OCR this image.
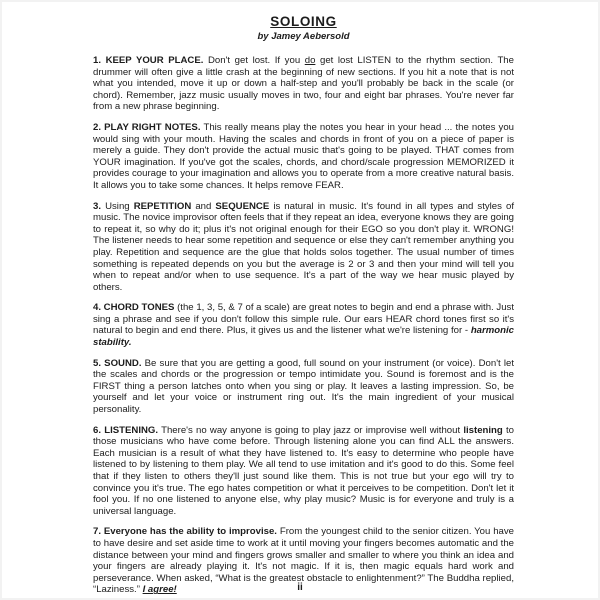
SOLOING
by Jamey Aebersold

1. KEEP YOUR PLACE. Don't get lost. If you do get lost LISTEN to the rhythm section. The drummer will often give a little crash at the beginning of new sections. If you hit a note that is not what you intended, move it up or down a half-step and you'll probably be back in the scale (or chord). Remember, jazz music usually moves in two, four and eight bar phrases. You're never far from a new phrase beginning.

2. PLAY RIGHT NOTES. This really means play the notes you hear in your head ... the notes you would sing with your mouth. Having the scales and chords in front of you on a piece of paper is merely a guide. They don't provide the actual music that's going to be played. THAT comes from YOUR imagination. If you've got the scales, chords, and chord/scale progression MEMORIZED it provides courage to your imagination and allows you to operate from a more creative natural basis. It allows you to take some chances. It helps remove FEAR.

3. Using REPETITION and SEQUENCE is natural in music. It's found in all types and styles of music. The novice improvisor often feels that if they repeat an idea, everyone knows they are going to repeat it, so why do it; plus it's not original enough for their EGO so you don't play it. WRONG! The listener needs to hear some repetition and sequence or else they can't remember anything you play. Repetition and sequence are the glue that holds solos together. The usual number of times something is repeated depends on you but the average is 2 or 3 and then your mind will tell you when to repeat and/or when to use sequence. It's a part of the way we hear music played by others.

4. CHORD TONES (the 1, 3, 5, & 7 of a scale) are great notes to begin and end a phrase with. Just sing a phrase and see if you don't follow this simple rule. Our ears HEAR chord tones first so it's natural to begin and end there. Plus, it gives us and the listener what we're listening for - harmonic stability.

5. SOUND. Be sure that you are getting a good, full sound on your instrument (or voice). Don't let the scales and chords or the progression or tempo intimidate you. Sound is foremost and is the FIRST thing a person latches onto when you sing or play. It leaves a lasting impression. So, be yourself and let your voice or instrument ring out. It's the main ingredient of your musical personality.

6. LISTENING. There's no way anyone is going to play jazz or improvise well without listening to those musicians who have come before. Through listening alone you can find ALL the answers. Each musician is a result of what they have listened to. It's easy to determine who people have listened to by listening to them play. We all tend to use imitation and it's good to do this. Some feel that if they listen to others they'll just sound like them. This is not true but your ego will try to convince you it's true. The ego hates competition or what it perceives to be competition. Don't let it fool you. If no one listened to anyone else, why play music? Music is for everyone and truly is a universal language.

7. Everyone has the ability to improvise. From the youngest child to the senior citizen. You have to have desire and set aside time to work at it until moving your fingers becomes automatic and the distance between your mind and fingers grows smaller and smaller to where you think an idea and your fingers are already playing it. It's not magic. If it is, then magic equals hard work and perseverance. When asked, “What is the greatest obstacle to enlightenment?” The Buddha replied, “Laziness.” I agree!	ii
